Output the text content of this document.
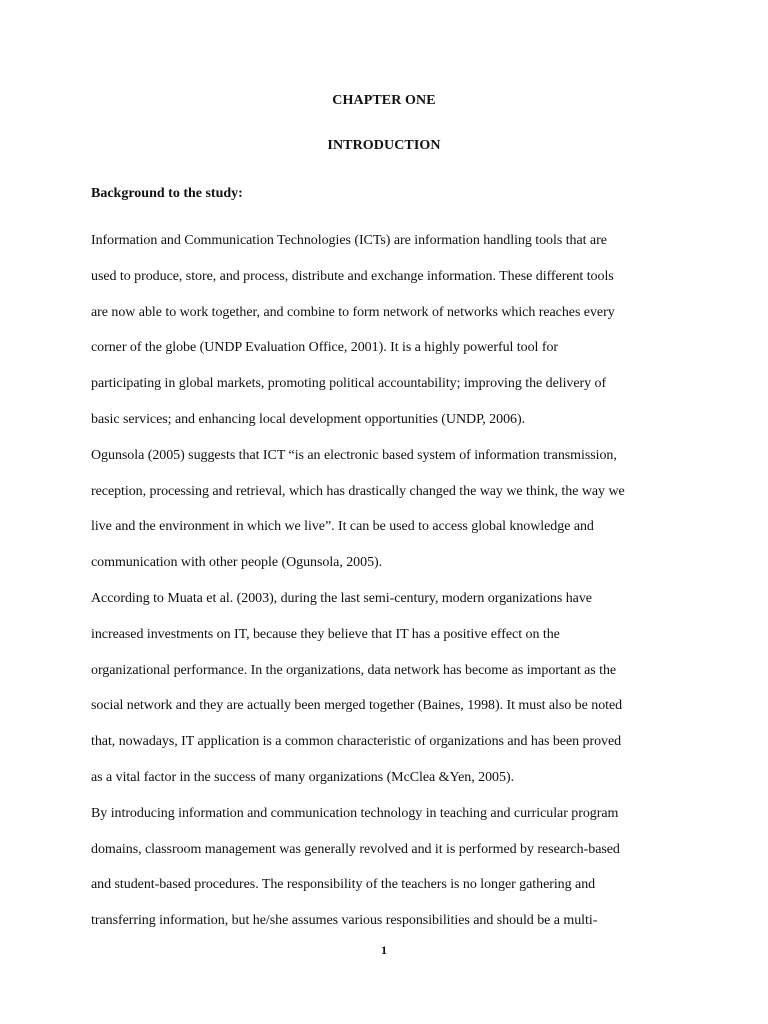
CHAPTER ONE
INTRODUCTION
Background to the study:
Information and Communication Technologies (ICTs) are information handling tools that are
used to produce, store, and process, distribute and exchange information. These different tools
are now able to work together, and combine to form network of networks which reaches every
corner of the globe (UNDP Evaluation Office, 2001). It is a highly powerful tool for
participating in global markets, promoting political accountability; improving the delivery of
basic services; and enhancing local development opportunities (UNDP, 2006).
Ogunsola (2005) suggests that ICT “is an electronic based system of information transmission,
reception, processing and retrieval, which has drastically changed the way we think, the way we
live and the environment in which we live”. It can be used to access global knowledge and
communication with other people (Ogunsola, 2005).
According to Muata et al. (2003), during the last semi-century, modern organizations have
increased investments on IT, because they believe that IT has a positive effect on the
organizational performance. In the organizations, data network has become as important as the
social network and they are actually been merged together (Baines, 1998). It must also be noted
that, nowadays, IT application is a common characteristic of organizations and has been proved
as a vital factor in the success of many organizations (McClea &Yen, 2005).
By introducing information and communication technology in teaching and curricular program
domains, classroom management was generally revolved and it is performed by research-based
and student-based procedures. The responsibility of the teachers is no longer gathering and
transferring information, but he/she assumes various responsibilities and should be a multi-
1
